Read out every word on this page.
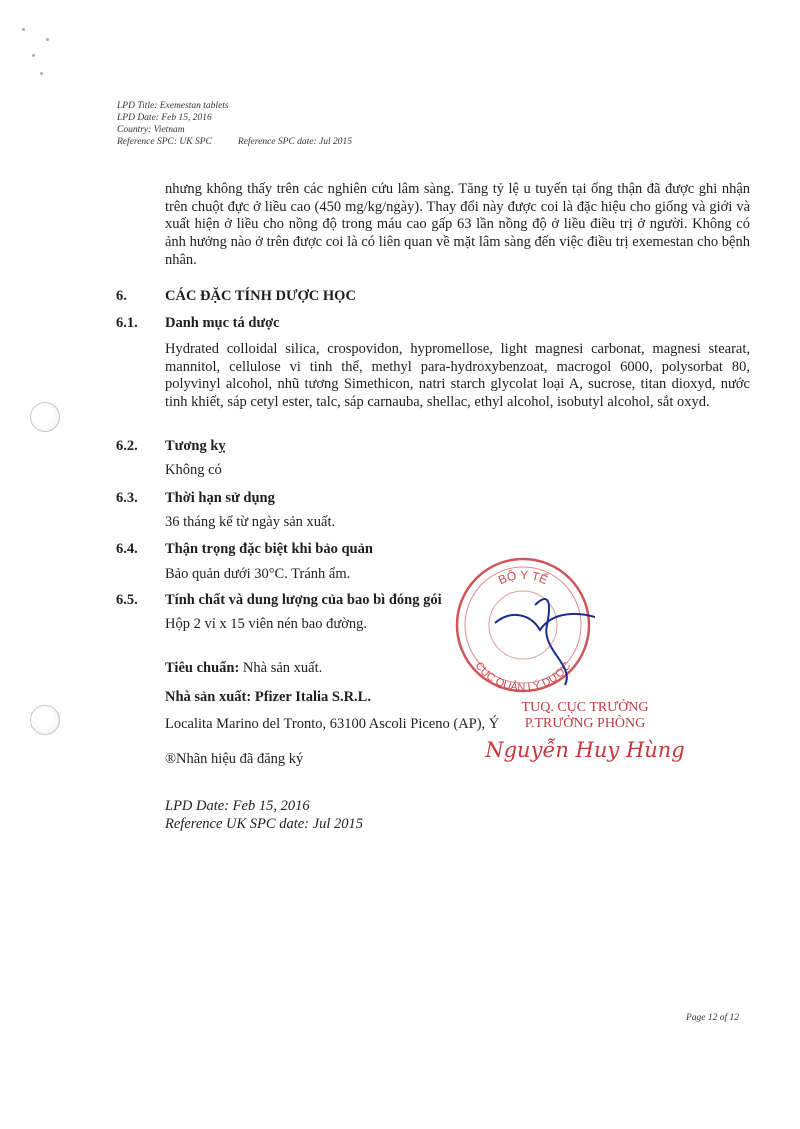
LPD Title: Exemestan tablets
LPD Date: Feb 15, 2016
Country: Vietnam
Reference SPC: UK SPC	Reference SPC date: Jul 2015
nhưng không thấy trên các nghiên cứu lâm sàng. Tăng tỷ lệ u tuyến tại ống thận đã được ghi nhận trên chuột đực ở liều cao (450 mg/kg/ngày). Thay đổi này được coi là đặc hiệu cho giống và giới và xuất hiện ở liều cho nồng độ trong máu cao gấp 63 lần nồng độ ở liều điều trị ở người. Không có ảnh hưởng nào ở trên được coi là có liên quan về mặt lâm sàng đến việc điều trị exemestan cho bệnh nhân.
6.	CÁC ĐẶC TÍNH DƯỢC HỌC
6.1. Danh mục tá dược
Hydrated colloidal silica, crospovidon, hypromellose, light magnesi carbonat, magnesi stearat, mannitol, cellulose vi tinh thể, methyl para-hydroxybenzoat, macrogol 6000, polysorbat 80, polyvinyl alcohol, nhũ tương Simethicon, natri starch glycolat loại A, sucrose, titan dioxyd, nước tinh khiết, sáp cetyl ester, talc, sáp carnauba, shellac, ethyl alcohol, isobutyl alcohol, sắt oxyd.
6.2. Tương kỵ
Không có
6.3. Thời hạn sử dụng
36 tháng kể từ ngày sản xuất.
6.4. Thận trọng đặc biệt khi bảo quản
Bảo quản dưới 30°C. Tránh ẩm.
6.5. Tính chất và dung lượng của bao bì đóng gói
Hộp 2 vỉ x 15 viên nén bao đường.
Tiêu chuẩn: Nhà sản xuất.
Nhà sản xuất: Pfizer Italia S.R.L.
Localita Marino del Tronto, 63100 Ascoli Piceno (AP), Ý
®Nhãn hiệu đã đăng ký
BỘ Y TẾ
CỤC QUẢN LÝ DƯỢC
TUQ. CỤC TRƯỞNG
P.TRƯỞNG PHÒNG
Nguyễn Huy Hùng
LPD Date: Feb 15, 2016
Reference UK SPC date: Jul 2015
Page 12 of 12
